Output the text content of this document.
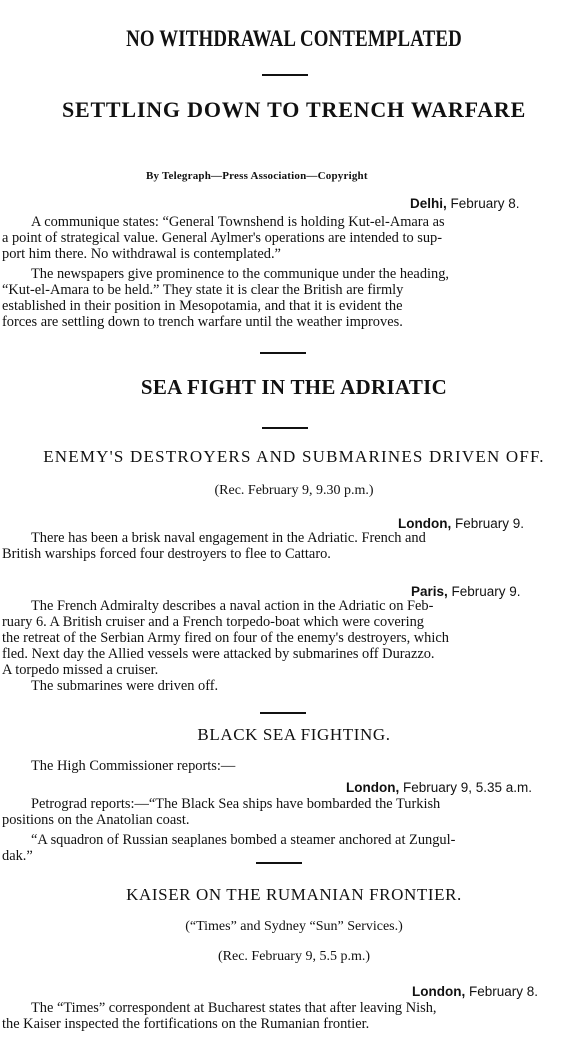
NO WITHDRAWAL CONTEMPLATED
SETTLING DOWN TO TRENCH WARFARE
By Telegraph—Press Association—Copyright
Delhi, February 8.
A communique states: “General Townshend is holding Kut-el-Amara as
a point of strategical value. General Aylmer's operations are intended to sup-
port him there. No withdrawal is contemplated.”
The newspapers give prominence to the communique under the heading,
“Kut-el-Amara to be held.” They state it is clear the British are firmly
established in their position in Mesopotamia, and that it is evident the
forces are settling down to trench warfare until the weather improves.
SEA FIGHT IN THE ADRIATIC
ENEMY'S DESTROYERS AND SUBMARINES DRIVEN OFF.
(Rec. February 9, 9.30 p.m.)
London, February 9.
There has been a brisk naval engagement in the Adriatic. French and
British warships forced four destroyers to flee to Cattaro.
Paris, February 9.
The French Admiralty describes a naval action in the Adriatic on Feb-
ruary 6. A British cruiser and a French torpedo-boat which were covering
the retreat of the Serbian Army fired on four of the enemy's destroyers, which
fled. Next day the Allied vessels were attacked by submarines off Durazzo.
A torpedo missed a cruiser.
The submarines were driven off.
BLACK SEA FIGHTING.
The High Commissioner reports:—
London, February 9, 5.35 a.m.
Petrograd reports:—“The Black Sea ships have bombarded the Turkish
positions on the Anatolian coast.
“A squadron of Russian seaplanes bombed a steamer anchored at Zungul-
dak.”
KAISER ON THE RUMANIAN FRONTIER.
(“Times” and Sydney “Sun” Services.)
(Rec. February 9, 5.5 p.m.)
London, February 8.
The “Times” correspondent at Bucharest states that after leaving Nish,
the Kaiser inspected the fortifications on the Rumanian frontier.
